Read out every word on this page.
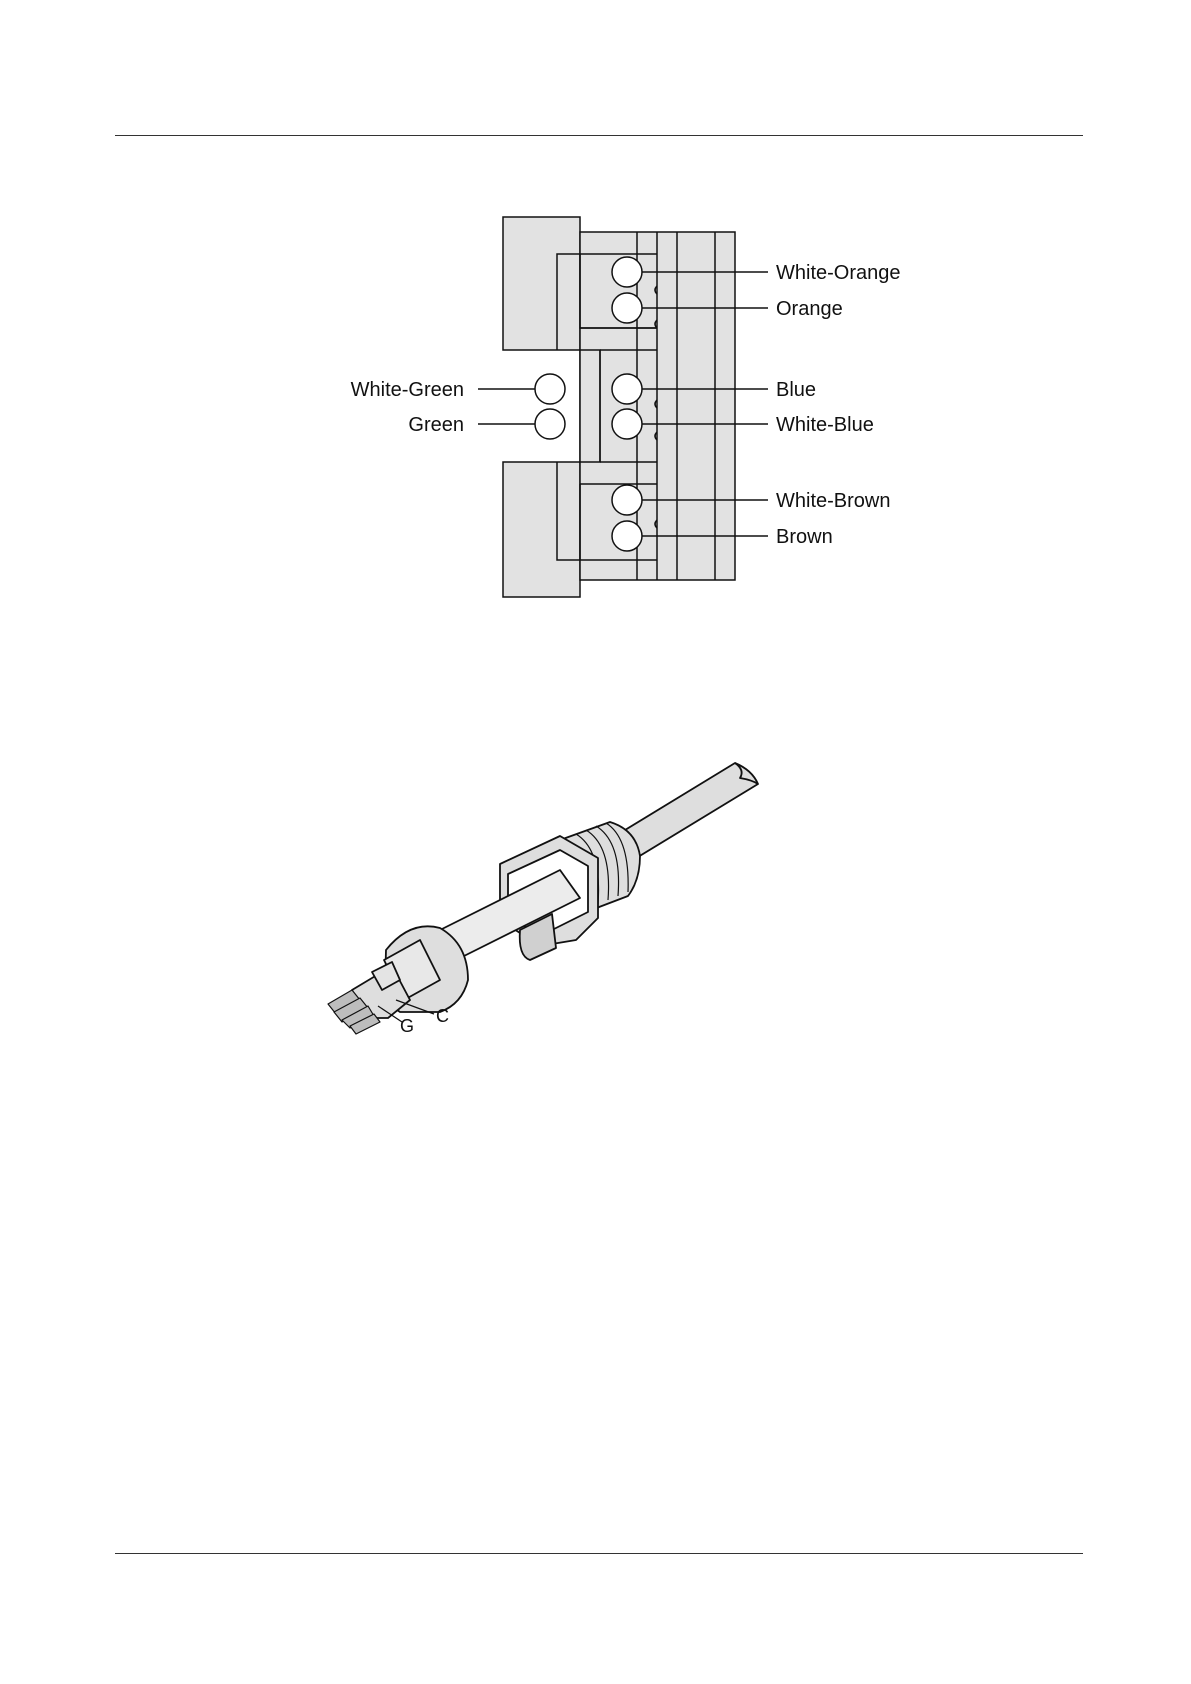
White-Orange
Orange
Blue
White-Blue
White-Brown
Brown
White-Green
Green
G C
